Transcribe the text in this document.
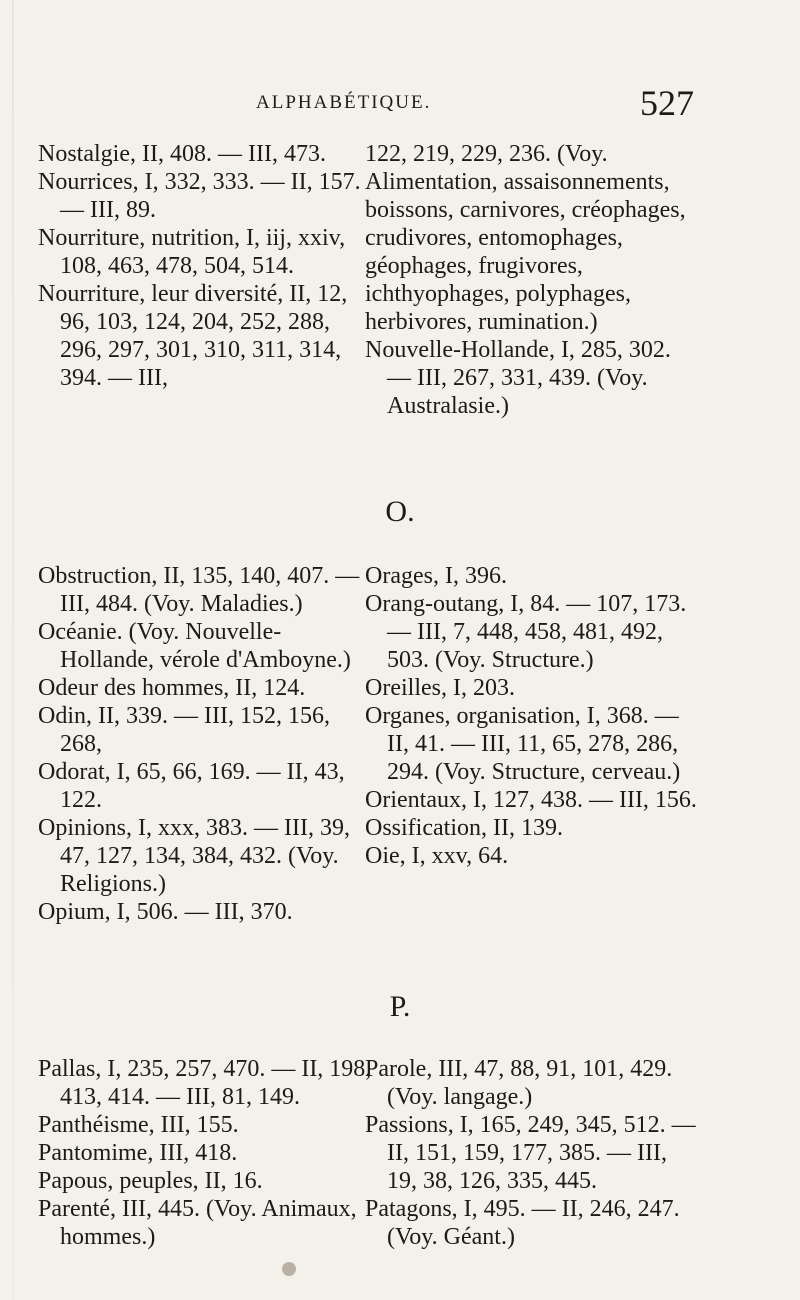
ALPHABÉTIQUE.	527

Nostalgie, II, 408. — III, 473.

Nourrices, I, 332, 333. — II, 157. — III, 89.

Nourriture, nutrition, I, iij, xxiv, 108, 463, 478, 504, 514.

Nourriture, leur diversité, II, 12, 96, 103, 124, 204, 252, 288, 296, 297, 301, 310, 311, 314, 394. — III,

122, 219, 229, 236. (Voy. Alimentation, assaisonnements, boissons, carnivores, créophages, crudivores, entomophages, géophages, frugivores, ichthyophages, polyphages, herbivores, rumination.)

Nouvelle-Hollande, I, 285, 302. — III, 267, 331, 439. (Voy. Australasie.)

O.

Obstruction, II, 135, 140, 407. — III, 484. (Voy. Maladies.)

Océanie. (Voy. Nouvelle-Hollande, vérole d'Amboyne.)

Odeur des hommes, II, 124.

Odin, II, 339. — III, 152, 156, 268,

Odorat, I, 65, 66, 169. — II, 43, 122.

Opinions, I, xxx, 383. — III, 39, 47, 127, 134, 384, 432. (Voy. Religions.)

Opium, I, 506. — III, 370.

Orages, I, 396.

Orang-outang, I, 84. — 107, 173. — III, 7, 448, 458, 481, 492, 503. (Voy. Structure.)

Oreilles, I, 203.

Organes, organisation, I, 368. — II, 41. — III, 11, 65, 278, 286, 294. (Voy. Structure, cerveau.)

Orientaux, I, 127, 438. — III, 156.

Ossification, II, 139.

Oie, I, xxv, 64.

P.

Pallas, I, 235, 257, 470. — II, 198, 413, 414. — III, 81, 149.

Panthéisme, III, 155.

Pantomime, III, 418.

Papous, peuples, II, 16.

Parenté, III, 445. (Voy. Animaux, hommes.)

Parole, III, 47, 88, 91, 101, 429. (Voy. langage.)

Passions, I, 165, 249, 345, 512. — II, 151, 159, 177, 385. — III, 19, 38, 126, 335, 445.

Patagons, I, 495. — II, 246, 247. (Voy. Géant.)
